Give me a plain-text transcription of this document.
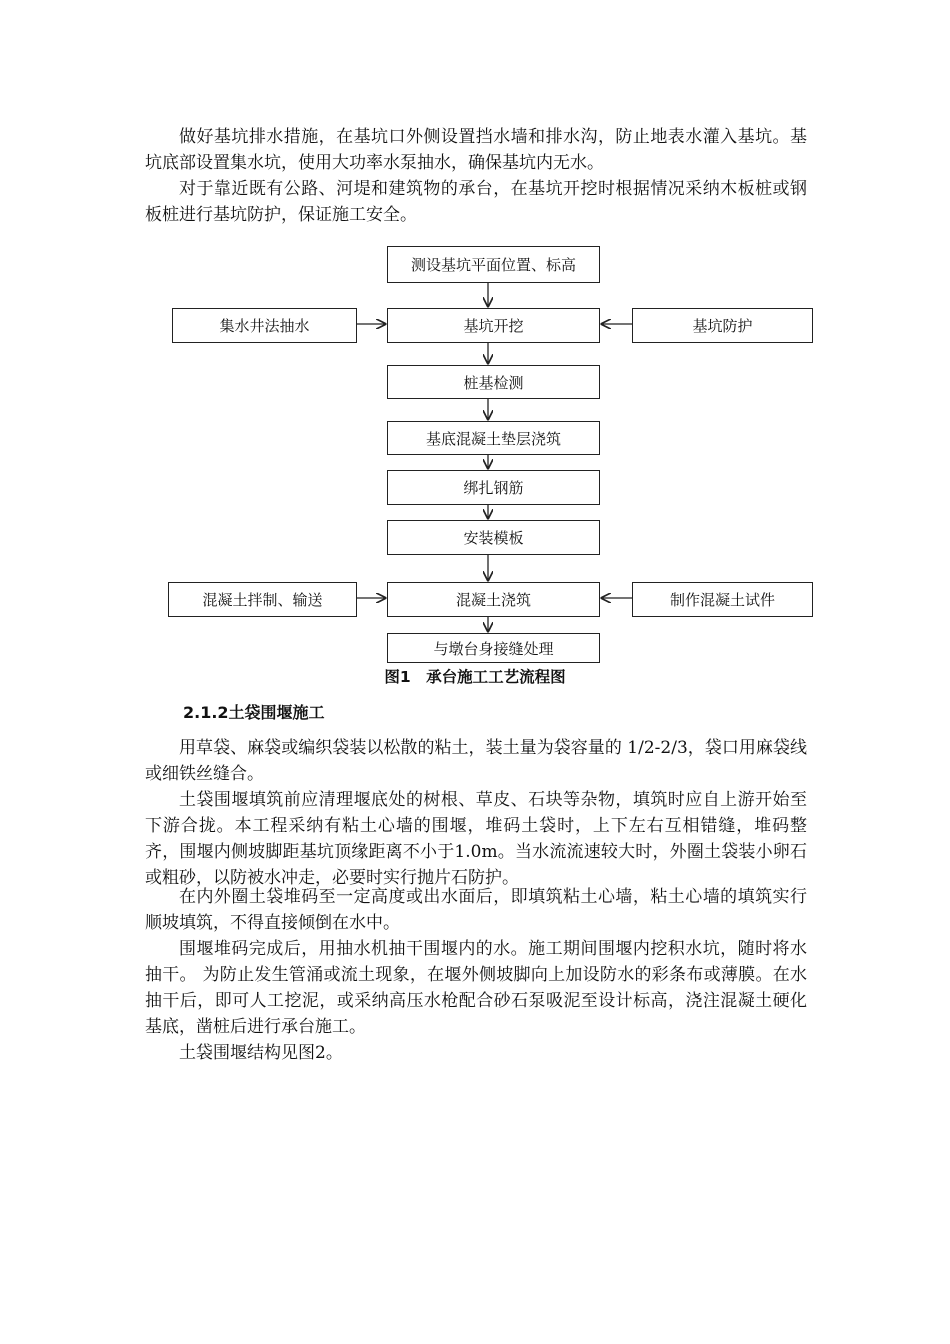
做好基坑排水措施，在基坑口外侧设置挡水墙和排水沟，防止地表水灌入基坑。基坑底部设置集水坑，使用大功率水泵抽水，确保基坑内无水。

对于靠近既有公路、河堤和建筑物的承台，在基坑开挖时根据情况采纳木板桩或钢板桩进行基坑防护，保证施工安全。

测设基坑平面位置、标高
基坑开挖
集水井法抽水	基坑防护
桩基检测
基底混凝土垫层浇筑
绑扎钢筋
安装模板
混凝土浇筑
混凝土拌制、输送	制作混凝土试件
与墩台身接缝处理
图1　承台施工工艺流程图
2.1.2土袋围堰施工

用草袋、麻袋或编织袋装以松散的粘土，装土量为袋容量的 1/2-2/3，袋口用麻袋线或细铁丝缝合。

土袋围堰填筑前应清理堰底处的树根、草皮、石块等杂物，填筑时应自上游开始至下游合拢。本工程采纳有粘土心墙的围堰，堆码土袋时，上下左右互相错缝，堆码整齐，围堰内侧坡脚距基坑顶缘距离不小于1.0m。当水流流速较大时，外圈土袋装小卵石或粗砂，以防被水冲走，必要时实行抛片石防护。

在内外圈土袋堆码至一定高度或出水面后，即填筑粘土心墙，粘土心墙的填筑实行顺坡填筑，不得直接倾倒在水中。

围堰堆码完成后，用抽水机抽干围堰内的水。施工期间围堰内挖积水坑，随时将水抽干。 为防止发生管涌或流土现象，在堰外侧坡脚向上加设防水的彩条布或薄膜。在水抽干后，即可人工挖泥，或采纳高压水枪配合砂石泵吸泥至设计标高，浇注混凝土硬化基底，凿桩后进行承台施工。

土袋围堰结构见图2。
